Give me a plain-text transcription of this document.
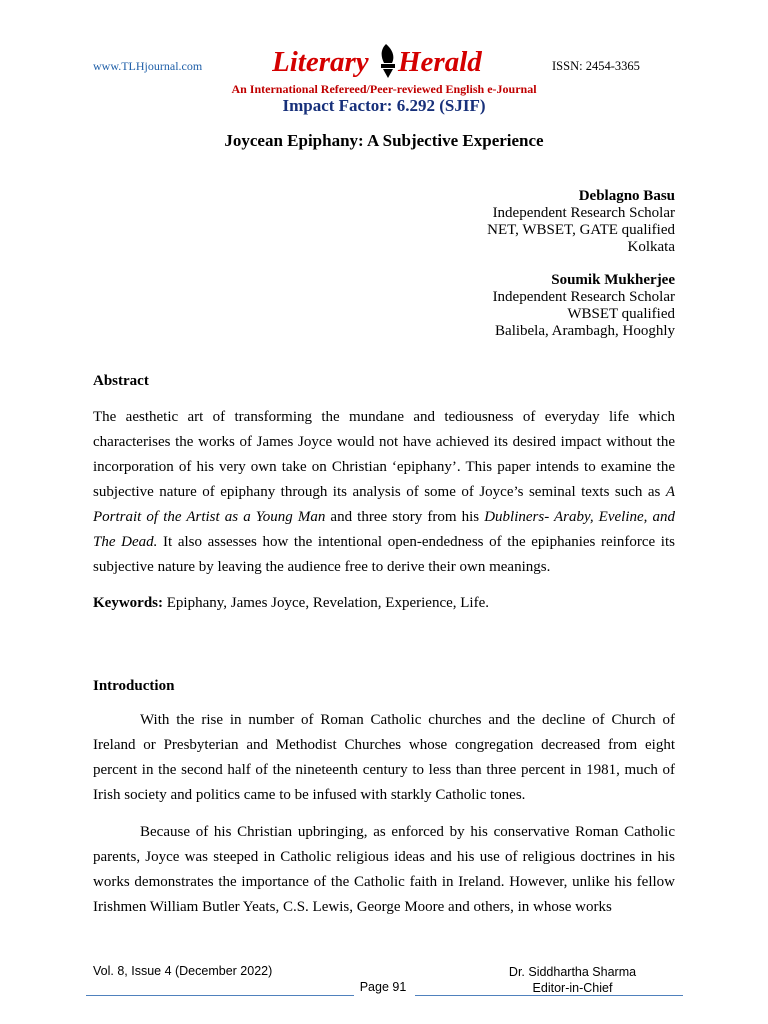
www.TLHjournal.com Literary Herald	ISSN: 2454-3365
An International Refereed/Peer-reviewed English e-Journal
Impact Factor: 6.292 (SJIF)
Joycean Epiphany: A Subjective Experience
Deblagno Basu
Independent Research Scholar
NET, WBSET, GATE qualified
Kolkata
Soumik Mukherjee
Independent Research Scholar
WBSET qualified
Balibela, Arambagh, Hooghly
Abstract
The aesthetic art of transforming the mundane and tediousness of everyday life which characterises the works of James Joyce would not have achieved its desired impact without the incorporation of his very own take on Christian ‘epiphany’. This paper intends to examine the subjective nature of epiphany through its analysis of some of Joyce’s seminal texts such as A Portrait of the Artist as a Young Man and three story from his Dubliners- Araby, Eveline, and The Dead. It also assesses how the intentional open-endedness of the epiphanies reinforce its subjective nature by leaving the audience free to derive their own meanings.
Keywords: Epiphany, James Joyce, Revelation, Experience, Life.
Introduction
With the rise in number of Roman Catholic churches and the decline of Church of Ireland or Presbyterian and Methodist Churches whose congregation decreased from eight percent in the second half of the nineteenth century to less than three percent in 1981, much of Irish society and politics came to be infused with starkly Catholic tones.
Because of his Christian upbringing, as enforced by his conservative Roman Catholic parents, Joyce was steeped in Catholic religious ideas and his use of religious doctrines in his works demonstrates the importance of the Catholic faith in Ireland. However, unlike his fellow Irishmen William Butler Yeats, C.S. Lewis, George Moore and others, in whose works
Vol. 8, Issue 4 (December 2022)	Dr. Siddhartha Sharma
Editor-in-Chief
Page 91
